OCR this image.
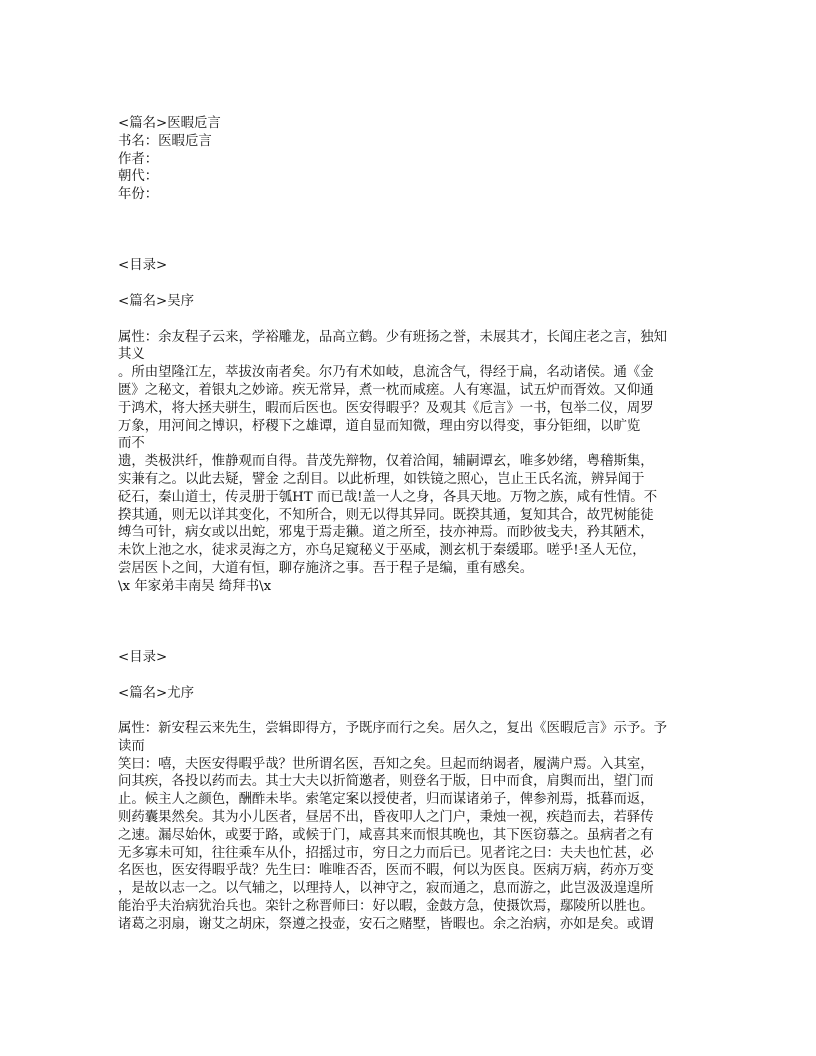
<篇名>医暇卮言
书名：医暇卮言
作者：
朝代：
年份：
<目录>
<篇名>吴序
属性：余友程子云来，学裕雕龙，品高立鹤。少有班扬之誉，未展其才，长闻庄老之言，独知
其义
。所由望隆江左，萃拔汝南者矣。尔乃有术如岐，息流含气，得经于扁，名动诸侯。通《金
匮》之秘文，着银丸之妙谛。疾无常异，煮一枕而咸瘥。人有寒温，试五炉而胥效。又仰通
于鸿术，将大拯夫骈生，暇而后医也。医安得暇乎？及观其《卮言》一书，包举二仪，周罗
万象，用河间之博识，杼稷下之雄谭，道自显而知微，理由穷以得变，事分钜细，以旷览
而不
遗，类极洪纤，惟静观而自得。昔茂先辩物，仅着洽闻，辅嗣谭玄，唯多妙绪，粤稽斯集，
实兼有之。以此去疑，譬金 之刮目。以此析理，如铁镜之照心，岂止王氏名流，辨异闻于
砭石，秦山道士，传灵册于瓠HT 而已哉!盖一人之身，各具天地。万物之族，咸有性情。不
揆其通，则无以详其变化，不知所合，则无以得其异同。既揆其通，复知其合，故咒树能徒
缚刍可针，病女或以出蛇，邪鬼于焉走獭。道之所至，技亦神焉。而眇彼戋夫，矜其陋术，
未饮上池之水，徒求灵海之方，亦乌足窥秘义于巫咸，测玄机于秦缓耶。嗟乎!圣人无位，
尝居医卜之间，大道有恒，聊存施济之事。吾于程子是编，重有感矣。
\x 年家弟丰南吴 绮拜书\x
<目录>
<篇名>尤序
属性：新安程云来先生，尝辑即得方，予既序而行之矣。居久之，复出《医暇卮言》示予。予
读而
笑曰：嘻，夫医安得暇乎哉？世所谓名医，吾知之矣。旦起而纳谒者，履满户焉。入其室，
问其疾，各投以药而去。其士大夫以折简邀者，则登名于版，日中而食，肩舆而出，望门而
止。候主人之颜色，酬酢未毕。索笔定案以授使者，归而谋诸弟子，俾参剂焉，抵暮而返，
则药囊果然矣。其为小儿医者，昼居不出，昏夜叩人之门户，秉烛一视，疾趋而去，若驿传
之速。漏尽始休，或要于路，或候于门，咸喜其来而恨其晚也，其下医窃慕之。虽病者之有
无多寡未可知，往往乘车从仆，招摇过市，穷日之力而后已。见者诧之曰：夫夫也忙甚，必
名医也，医安得暇乎哉？先生曰：唯唯否否，医而不暇，何以为医良。医病万病，药亦万变
，是故以志一之。以气辅之，以理持人，以神守之，寂而通之，息而游之，此岂汲汲遑遑所
能治乎夫治病犹治兵也。栾针之称晋师曰：好以暇，金鼓方急，使摄饮焉，鄢陵所以胜也。
诸葛之羽扇，谢艾之胡床，祭遵之投壶，安石之赌墅，皆暇也。余之治病，亦如是矣。或谓
